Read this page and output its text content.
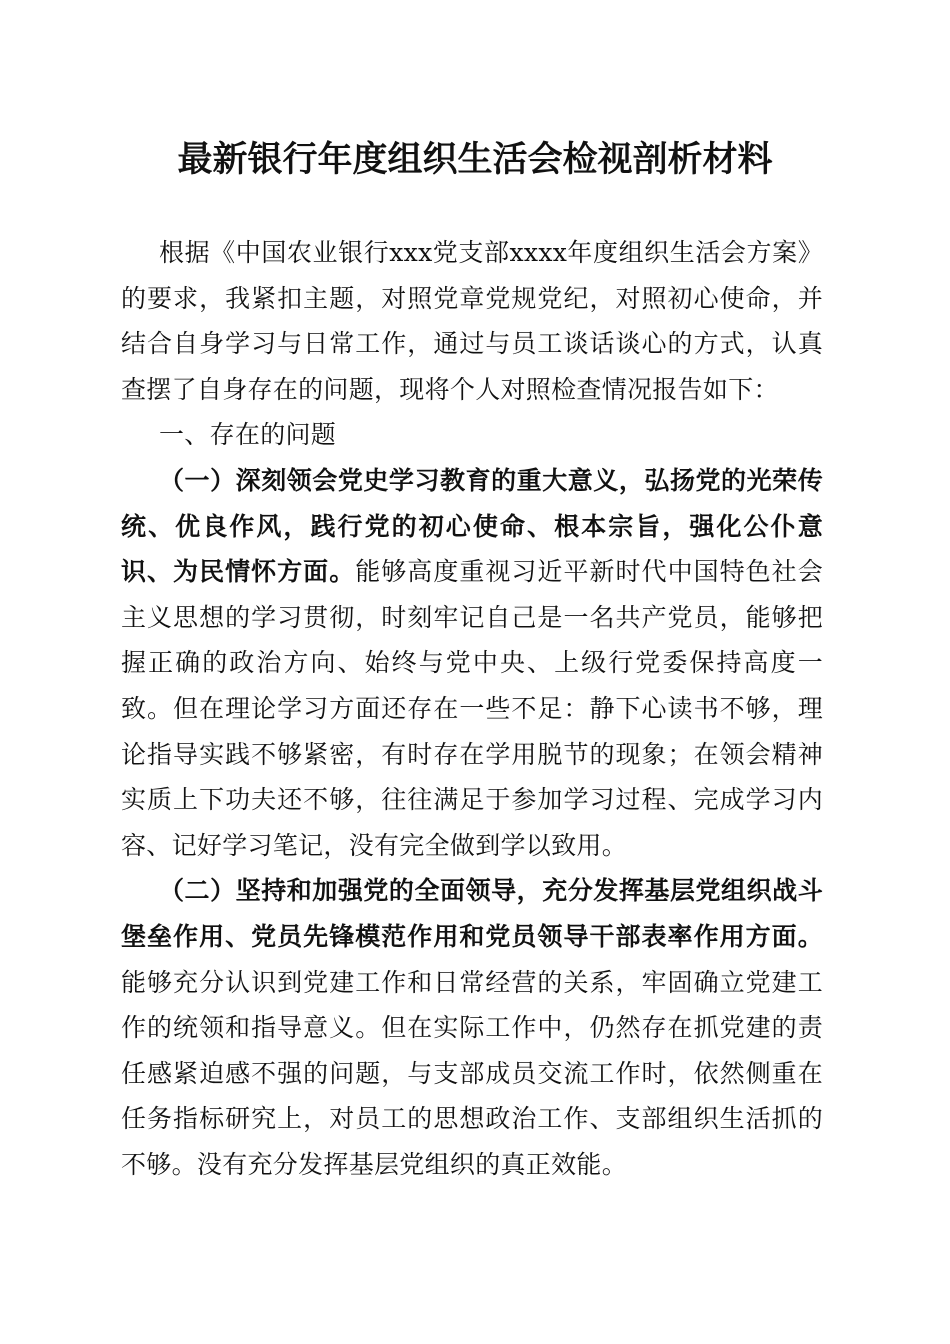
最新银行年度组织生活会检视剖析材料

根据《中国农业银行xxx党支部xxxx年度组织生活会方案》的要求，我紧扣主题，对照党章党规党纪，对照初心使命，并结合自身学习与日常工作，通过与员工谈话谈心的方式，认真查摆了自身存在的问题，现将个人对照检查情况报告如下：

一、存在的问题

（一）深刻领会党史学习教育的重大意义，弘扬党的光荣传统、优良作风，践行党的初心使命、根本宗旨，强化公仆意识、为民情怀方面。能够高度重视习近平新时代中国特色社会主义思想的学习贯彻，时刻牢记自己是一名共产党员，能够把握正确的政治方向、始终与党中央、上级行党委保持高度一致。但在理论学习方面还存在一些不足：静下心读书不够，理论指导实践不够紧密，有时存在学用脱节的现象；在领会精神实质上下功夫还不够，往往满足于参加学习过程、完成学习内容、记好学习笔记，没有完全做到学以致用。

（二）坚持和加强党的全面领导，充分发挥基层党组织战斗堡垒作用、党员先锋模范作用和党员领导干部表率作用方面。能够充分认识到党建工作和日常经营的关系，牢固确立党建工作的统领和指导意义。但在实际工作中，仍然存在抓党建的责任感紧迫感不强的问题，与支部成员交流工作时，依然侧重在任务指标研究上，对员工的思想政治工作、支部组织生活抓的不够。没有充分发挥基层党组织的真正效能。
